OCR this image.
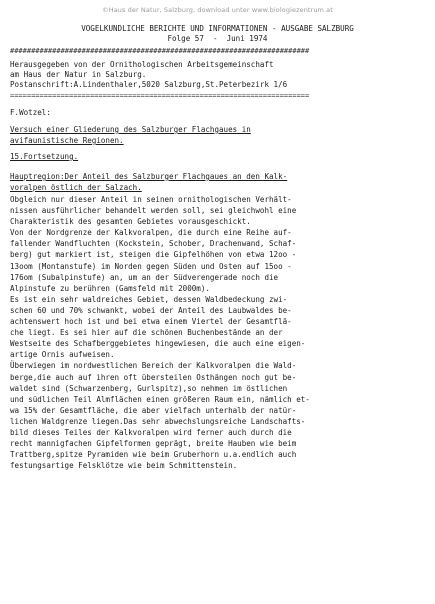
©Haus der Natur, Salzburg, download unter www.biologiezentrum.at
VOGELKUNDLICHE BERICHTE UND INFORMATIONEN - AUSGABE SALZBURG
Folge 57  -  Juni 1974
#######################################################################
Herausgegeben von der Ornithologischen Arbeitsgemeinschaft
am Haus der Natur in Salzburg.
Postanschrift:A.Lindenthaler,5020 Salzburg,St.Peterbezirk 1/6
=======================================================================
F.Wotzel:
Versuch einer Gliederung des Salzburger Flachgaues in
avifaunistische Regionen.
15.Fortsetzung.
Hauptregion:Der Anteil des Salzburger Flachgaues an den Kalk-
voralpen östlich der Salzach.
Obgleich nur dieser Anteil in seinen ornithologischen Verhält-
nissen ausführlicher behandelt werden soll, sei gleichwohl eine
Charakteristik des gesamten Gebietes vorausgeschickt.
Von der Nordgrenze der Kalkvoralpen, die durch eine Reihe auf-
fallender Wandfluchten (Kockstein, Schober, Drachenwand, Schaf-
berg) gut markiert ist, steigen die Gipfelhöhen von etwa 12oo -
13oom (Montanstufe) im Norden gegen Süden und Osten auf 15oo -
176om (Subalpinstufe) an, um an der Südverengerade noch die
Alpinstufe zu berühren (Gamsfeld mit 2000m).
Es ist ein sehr waldreiches Gebiet, dessen Waldbedeckung zwi-
schen 60 und 70% schwankt, wobei der Anteil des Laubwaldes be-
achtenswert hoch ist und bei etwa einem Viertel der Gesamtflä-
che liegt. Es sei hier auf die schönen Buchenbestände an der
Westseite des Schafberggebietes hingewiesen, die auch eine eigen-
artige Ornis aufweisen.
Überwiegen im nordwestlichen Bereich der Kalkvoralpen die Wald-
berge,die auch auf ihren oft übersteilen Osthängen noch gut be-
waldet sind (Schwarzenberg, Gurlspitz),so nehmen im östlichen
und südlichen Teil Almflächen einen größeren Raum ein, nämlich et-
wa 15% der Gesamtfläche, die aber vielfach unterhalb der natür-
lichen Waldgrenze liegen.Das sehr abwechslungsreiche Landschafts-
bild dieses Teiles der Kalkvoralpen wird ferner auch durch die
recht mannigfachen Gipfelformen geprägt, breite Hauben wie beim
Trattberg,spitze Pyramiden wie beim Gruberhorn u.a.endlich auch
festungsartige Felsklötze wie beim Schmittenstein.
